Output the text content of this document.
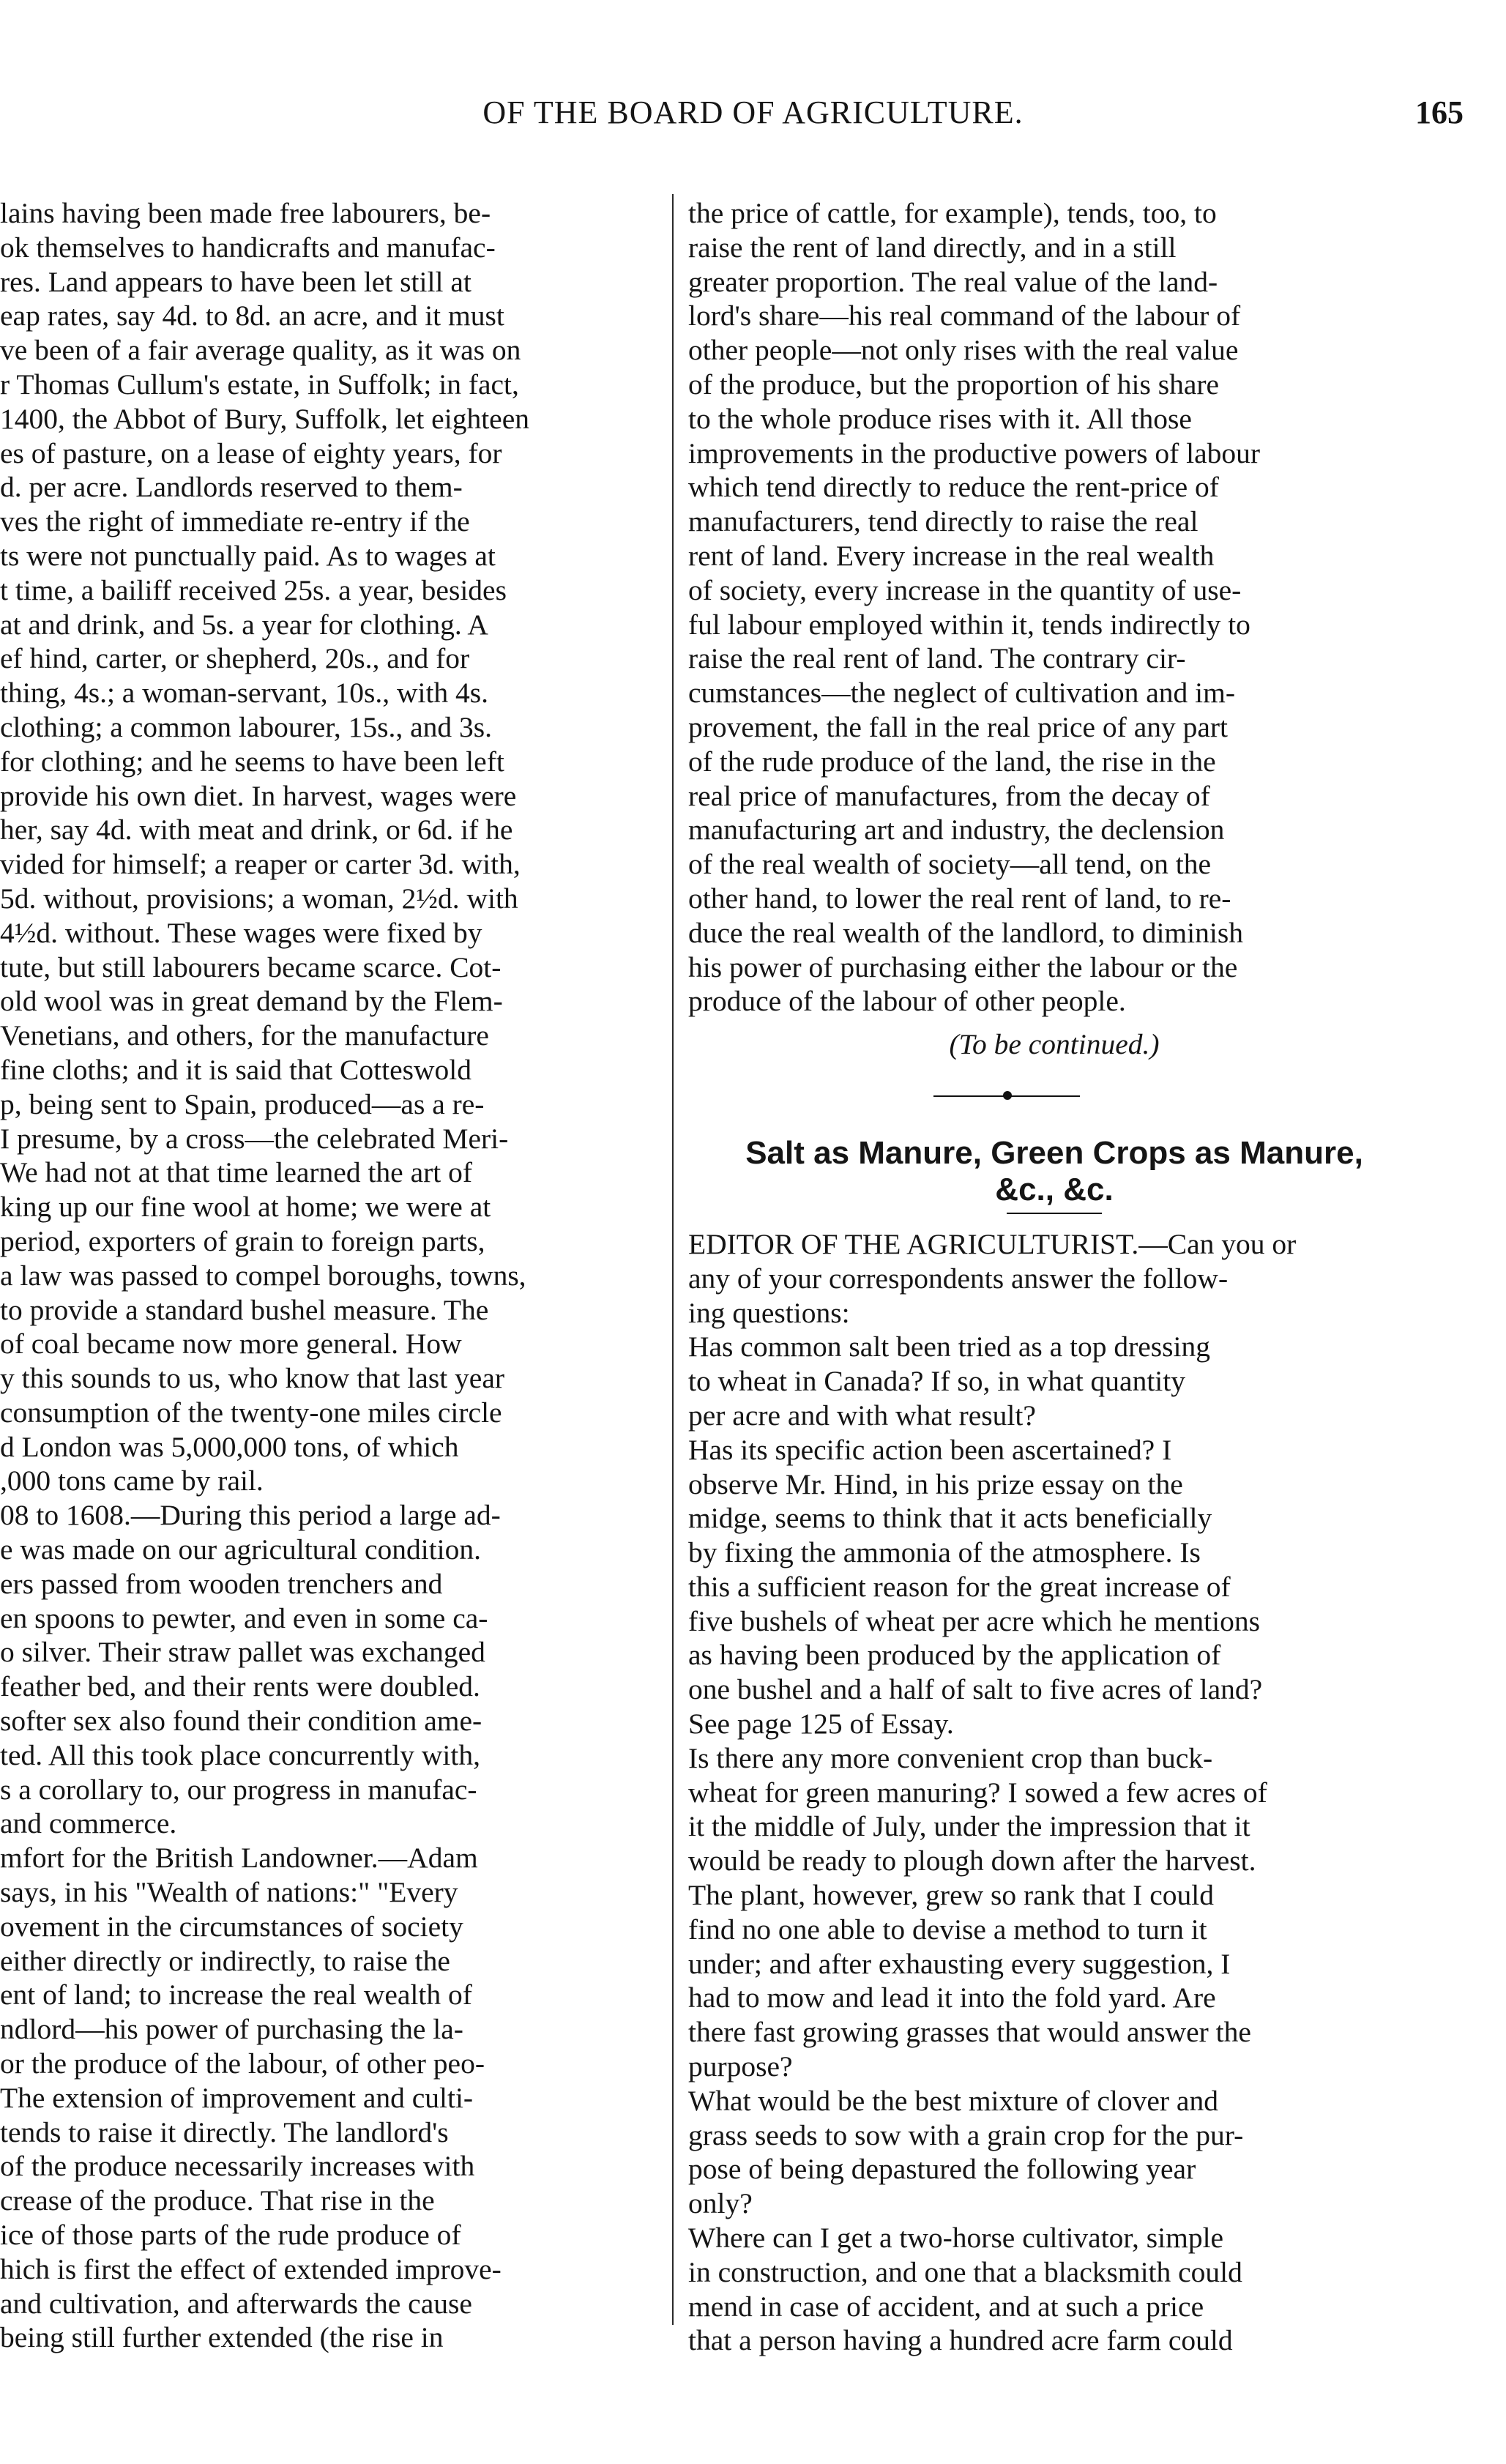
OF THE BOARD OF AGRICULTURE.	165
lains having been made free labourers, be-
ok themselves to handicrafts and manufac-
res. Land appears to have been let still at
eap rates, say 4d. to 8d. an acre, and it must
ve been of a fair average quality, as it was on
r Thomas Cullum's estate, in Suffolk; in fact,
1400, the Abbot of Bury, Suffolk, let eighteen
es of pasture, on a lease of eighty years, for
d. per acre. Landlords reserved to them-
ves the right of immediate re-entry if the
ts were not punctually paid. As to wages at
t time, a bailiff received 25s. a year, besides
at and drink, and 5s. a year for clothing. A
ef hind, carter, or shepherd, 20s., and for
thing, 4s.; a woman-servant, 10s., with 4s.
clothing; a common labourer, 15s., and 3s.
for clothing; and he seems to have been left
provide his own diet. In harvest, wages were
her, say 4d. with meat and drink, or 6d. if he
vided for himself; a reaper or carter 3d. with,
5d. without, provisions; a woman, 2½d. with
4½d. without. These wages were fixed by
tute, but still labourers became scarce. Cot-
old wool was in great demand by the Flem-
Venetians, and others, for the manufacture
fine cloths; and it is said that Cotteswold
p, being sent to Spain, produced—as a re-
I presume, by a cross—the celebrated Meri-
We had not at that time learned the art of
king up our fine wool at home; we were at
period, exporters of grain to foreign parts,
a law was passed to compel boroughs, towns,
to provide a standard bushel measure. The
of coal became now more general. How
y this sounds to us, who know that last year
consumption of the twenty-one miles circle
d London was 5,000,000 tons, of which
,000 tons came by rail.
08 to 1608.—During this period a large ad-
e was made on our agricultural condition.
ers passed from wooden trenchers and
en spoons to pewter, and even in some ca-
o silver. Their straw pallet was exchanged
feather bed, and their rents were doubled.
softer sex also found their condition ame-
ted. All this took place concurrently with,
s a corollary to, our progress in manufac-
and commerce.
mfort for the British Landowner.—Adam
says, in his "Wealth of nations:" "Every
ovement in the circumstances of society
either directly or indirectly, to raise the
ent of land; to increase the real wealth of
ndlord—his power of purchasing the la-
or the produce of the labour, of other peo-
The extension of improvement and culti-
tends to raise it directly. The landlord's
of the produce necessarily increases with
crease of the produce. That rise in the
ice of those parts of the rude produce of
hich is first the effect of extended improve-
and cultivation, and afterwards the cause
being still further extended (the rise in
the price of cattle, for example), tends, too, to
raise the rent of land directly, and in a still
greater proportion. The real value of the land-
lord's share—his real command of the labour of
other people—not only rises with the real value
of the produce, but the proportion of his share
to the whole produce rises with it. All those
improvements in the productive powers of labour
which tend directly to reduce the rent-price of
manufacturers, tend directly to raise the real
rent of land. Every increase in the real wealth
of society, every increase in the quantity of use-
ful labour employed within it, tends indirectly to
raise the real rent of land. The contrary cir-
cumstances—the neglect of cultivation and im-
provement, the fall in the real price of any part
of the rude produce of the land, the rise in the
real price of manufactures, from the decay of
manufacturing art and industry, the declension
of the real wealth of society—all tend, on the
other hand, to lower the real rent of land, to re-
duce the real wealth of the landlord, to diminish
his power of purchasing either the labour or the
produce of the labour of other people.
(To be continued.)
Salt as Manure, Green Crops as Manure,
&c., &c.
EDITOR OF THE AGRICULTURIST.—Can you or
any of your correspondents answer the follow-
ing questions:
Has common salt been tried as a top dressing
to wheat in Canada? If so, in what quantity
per acre and with what result?
Has its specific action been ascertained? I
observe Mr. Hind, in his prize essay on the
midge, seems to think that it acts beneficially
by fixing the ammonia of the atmosphere. Is
this a sufficient reason for the great increase of
five bushels of wheat per acre which he mentions
as having been produced by the application of
one bushel and a half of salt to five acres of land?
See page 125 of Essay.
Is there any more convenient crop than buck-
wheat for green manuring? I sowed a few acres of
it the middle of July, under the impression that it
would be ready to plough down after the harvest.
The plant, however, grew so rank that I could
find no one able to devise a method to turn it
under; and after exhausting every suggestion, I
had to mow and lead it into the fold yard. Are
there fast growing grasses that would answer the
purpose?
What would be the best mixture of clover and
grass seeds to sow with a grain crop for the pur-
pose of being depastured the following year
only?
Where can I get a two-horse cultivator, simple
in construction, and one that a blacksmith could
mend in case of accident, and at such a price
that a person having a hundred acre farm could
